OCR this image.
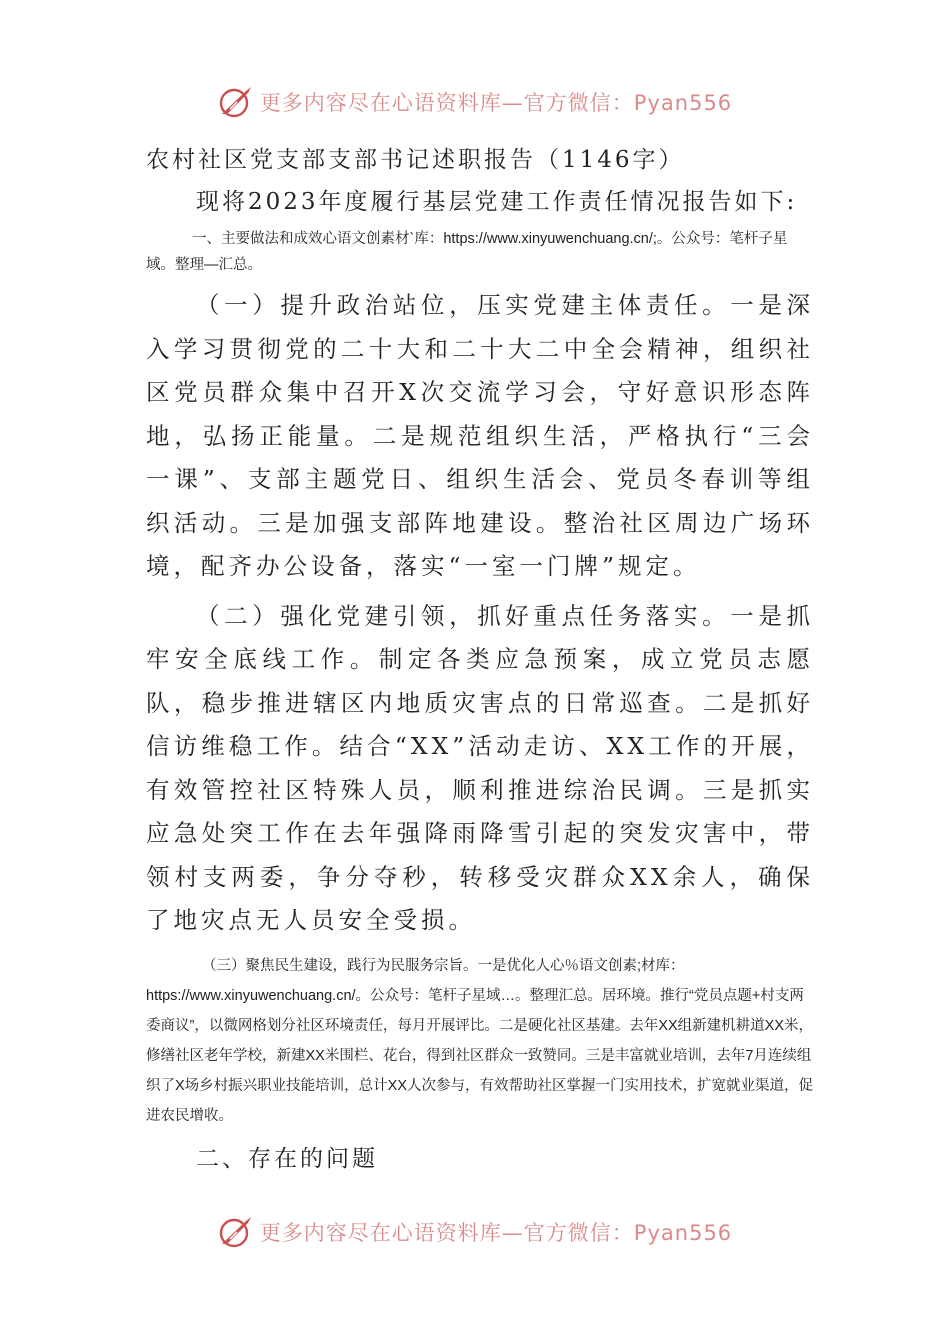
更多内容尽在心语资料库—官方微信：Pyan556

农村社区党支部支部书记述职报告（1146字）

现将2023年度履行基层党建工作责任情况报告如下:

一、主要做法和成效心语文创素材`库：https://www.xinyuwenchuang.cn/;。公众号：笔杆子星域。整理—汇总。

（一）提升政治站位，压实党建主体责任。一是深入学习贯彻党的二十大和二十大二中全会精神，组织社区党员群众集中召开X次交流学习会，守好意识形态阵地，弘扬正能量。二是规范组织生活，严格执行“三会一课”、支部主题党日、组织生活会、党员冬春训等组织活动。三是加强支部阵地建设。整治社区周边广场环境，配齐办公设备，落实“一室一门牌”规定。

（二）强化党建引领，抓好重点任务落实。一是抓牢安全底线工作。制定各类应急预案，成立党员志愿队，稳步推进辖区内地质灾害点的日常巡查。二是抓好信访维稳工作。结合“XX”活动走访、XX工作的开展，有效管控社区特殊人员，顺利推进综治民调。三是抓实应急处突工作在去年强降雨降雪引起的突发灾害中，带领村支两委，争分夺秒，转移受灾群众XX余人，确保了地灾点无人员安全受损。

（三）聚焦民生建设，践行为民服务宗旨。一是优化人心％语文创素;材库：https://www.xinyuwenchuang.cn/。公众号：笔杆子星域…。整理汇总。居环境。推行“党员点题+村支两委商议”，以微网格划分社区环境责任，每月开展评比。二是硬化社区基建。去年XX组新建机耕道XX米，修缮社区老年学校，新建XX米围栏、花台，得到社区群众一致赞同。三是丰富就业培训，去年7月连续组织了X场乡村振兴职业技能培训，总计XX人次参与，有效帮助社区掌握一门实用技术，扩宽就业渠道，促进农民增收。

二、存在的问题

更多内容尽在心语资料库—官方微信：Pyan556
